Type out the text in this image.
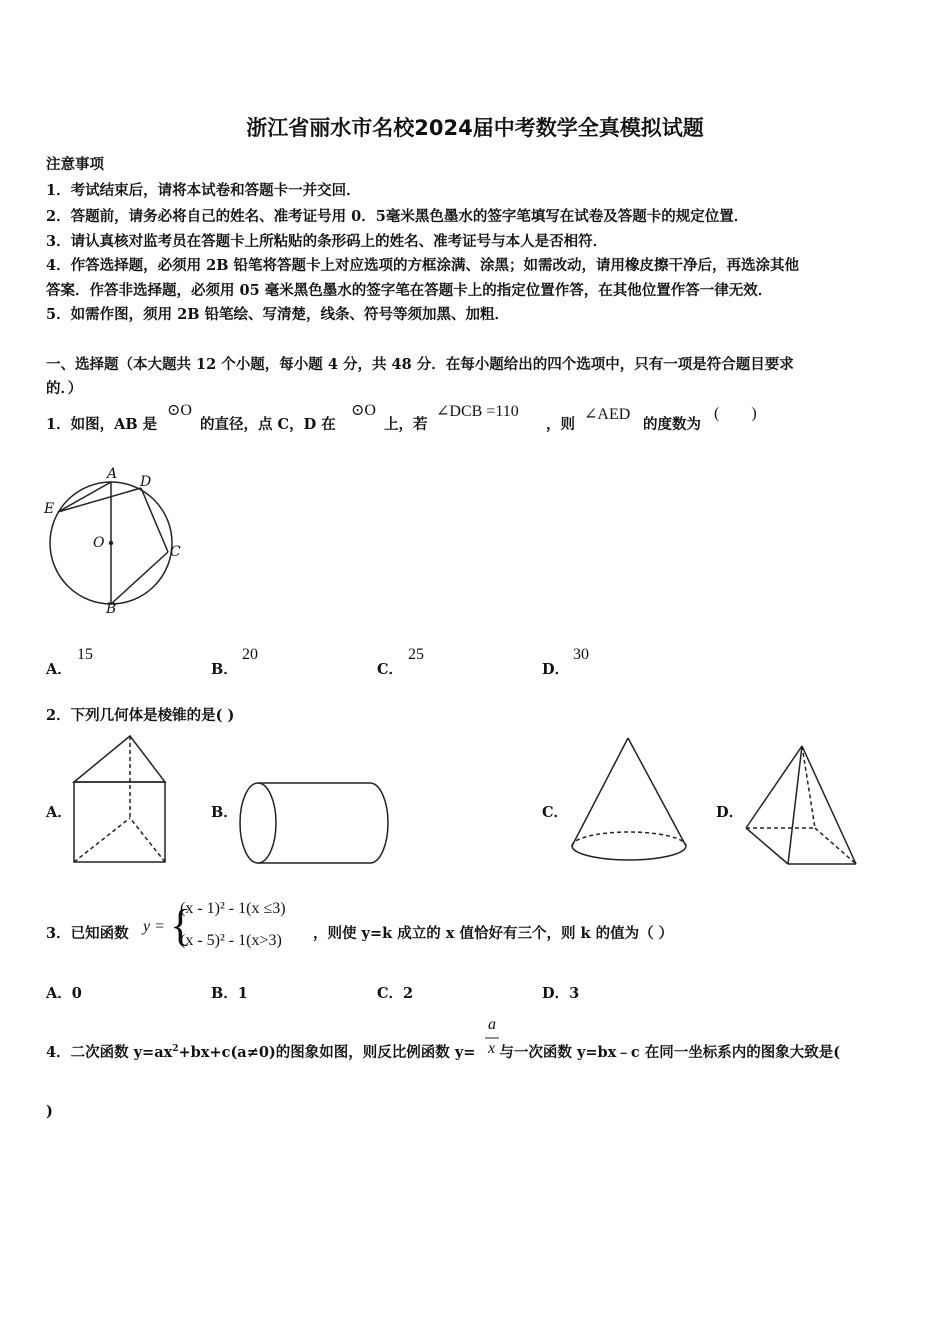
浙江省丽水市名校2024届中考数学全真模拟试题
注意事项
1．考试结束后，请将本试卷和答题卡一并交回．
2．答题前，请务必将自己的姓名、准考证号用 0．5毫米黑色墨水的签字笔填写在试卷及答题卡的规定位置．
3．请认真核对监考员在答题卡上所粘贴的条形码上的姓名、准考证号与本人是否相符．
4．作答选择题，必须用 2B 铅笔将答题卡上对应选项的方框涂满、涂黑；如需改动，请用橡皮擦干净后，再选涂其他
答案．作答非选择题，必须用 05 毫米黑色墨水的签字笔在答题卡上的指定位置作答，在其他位置作答一律无效．
5．如需作图，须用 2B 铅笔绘、写清楚，线条、符号等须加黑、加粗．
一、选择题（本大题共 12 个小题，每小题 4 分，共 48 分．在每小题给出的四个选项中，只有一项是符合题目要求
的．）
1．如图，AB 是
⊙O
的直径，点 C，D 在
⊙O
上，若
∠DCB =110
，则
∠AED
的度数为
(　　)
A D
E
O
C
B
A．
15
B．
20
C．
25
D．
30
2．下列几何体是棱锥的是( )
A．	B．	C．	D．
3．已知函数 y = {
(x - 1)² - 1(x ≤3)
(x - 5)² - 1(x>3) ，则使 y=k 成立的 x 值恰好有三个，则 k 的值为（ ）
A．0	B．1	C．2	D．3
4．二次函数 $y=ax^2+bx+c(a\ne 0)$的图象如图，则反比例函数 y= 与一次函数 y=bx﹣c 在同一坐标系内的图象大致是(
a
x
)
